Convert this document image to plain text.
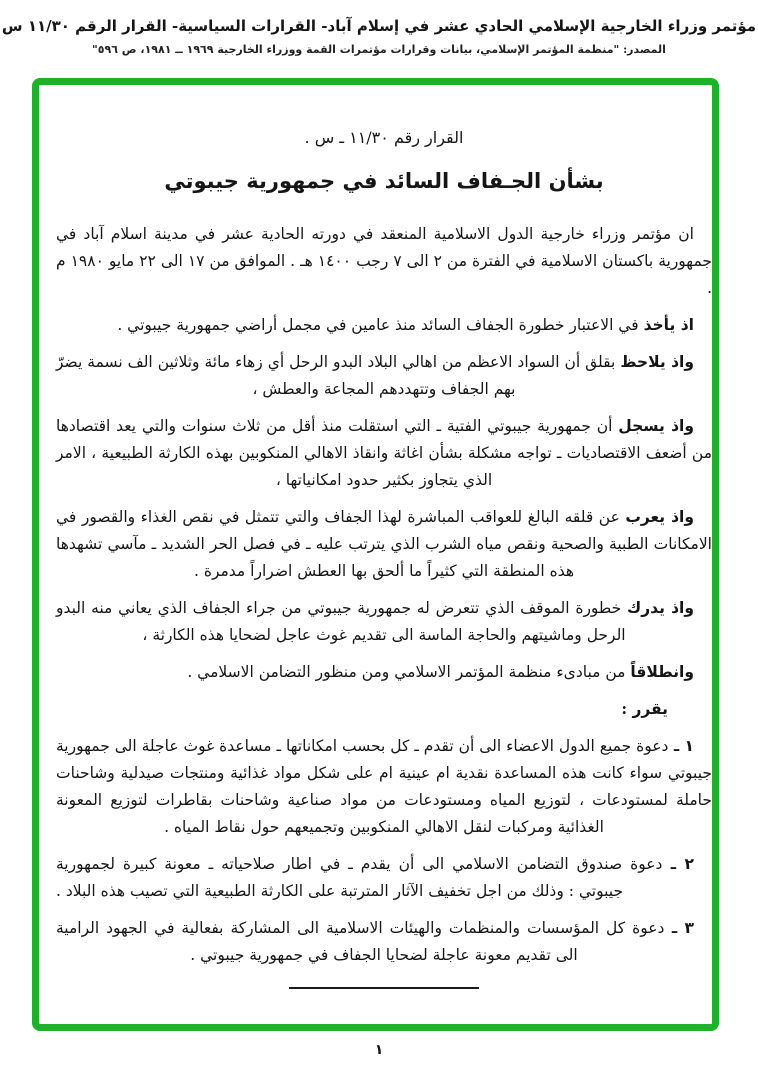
مؤتمر وزراء الخارجية الإسلامي الحادي عشر في إسلام آباد- القرارات السياسية- القرار الرقم ١١/٣٠ س
المصدر: "منظمة المؤتمر الإسلامي، بيانات وقرارات مؤتمرات القمة ووزراء الخارجية ١٩٦٩ ــ ١٩٨١، ص ٥٩٦"
القرار رقم ١١/٣٠ ـ س .
بشأن الجـفاف السائد في جمهورية جيبوتي

ان مؤتمر وزراء خارجية الدول الاسلامية المنعقد في دورته الحادية عشر في مدينة اسلام آباد في جمهورية باكستان الاسلامية في الفترة من ٢ الى ٧ رجب ١٤٠٠ هـ . الموافق من ١٧ الى ٢٢ مايو ١٩٨٠ م .

اذ يأخذ في الاعتبار خطورة الجفاف السائد منذ عامين في مجمل أراضي جمهورية جيبوتي .

واذ يلاحظ بقلق أن السواد الاعظم من اهالي البلاد البدو الرحل أي زهاء مائة وثلاثين الف نسمة يضرّ بهم الجفاف وتتهددهم المجاعة والعطش ،

واذ يسجل أن جمهورية جيبوتي الفتية ـ التي استقلت منذ أقل من ثلاث سنوات والتي يعد اقتصادها من أضعف الاقتصاديات ـ تواجه مشكلة بشأن اغاثة وانقاذ الاهالي المنكوبين بهذه الكارثة الطبيعية ، الامر الذي يتجاوز بكثير حدود امكانياتها ،

واذ يعرب عن قلقه البالغ للعواقب المباشرة لهذا الجفاف والتي تتمثل في نقص الغذاء والقصور في الامكانات الطبية والصحية ونقص مياه الشرب الذي يترتب عليه ـ في فصل الحر الشديد ـ مآسي تشهدها هذه المنطقة التي كثيراً ما ألحق بها العطش اضراراً مدمرة .

واذ يدرك خطورة الموقف الذي تتعرض له جمهورية جيبوتي من جراء الجفاف الذي يعاني منه البدو الرحل وماشيتهم والحاجة الماسة الى تقديم غوث عاجل لضحايا هذه الكارثة ،

وانطلاقاً من مبادىء منظمة المؤتمر الاسلامي ومن منظور التضامن الاسلامي .

يقرر :

١ ـ دعوة جميع الدول الاعضاء الى أن تقدم ـ كل بحسب امكاناتها ـ مساعدة غوث عاجلة الى جمهورية جيبوتي سواء كانت هذه المساعدة نقدية ام عينية ام على شكل مواد غذائية ومنتجات صيدلية وشاحنات حاملة لمستودعات ، لتوزيع المياه ومستودعات من مواد صناعية وشاحنات بقاطرات لتوزيع المعونة الغذائية ومركبات لنقل الاهالي المنكوبين وتجميعهم حول نقاط المياه .

٢ ـ دعوة صندوق التضامن الاسلامي الى أن يقدم ـ في اطار صلاحياته ـ معونة كبيرة لجمهورية جيبوتي : وذلك من اجل تخفيف الآثار المترتبة على الكارثة الطبيعية التي تصيب هذه البلاد .

٣ ـ دعوة كل المؤسسات والمنظمات والهيئات الاسلامية الى المشاركة بفعالية في الجهود الرامية الى تقديم معونة عاجلة لضحايا الجفاف في جمهورية جيبوتي .

١
